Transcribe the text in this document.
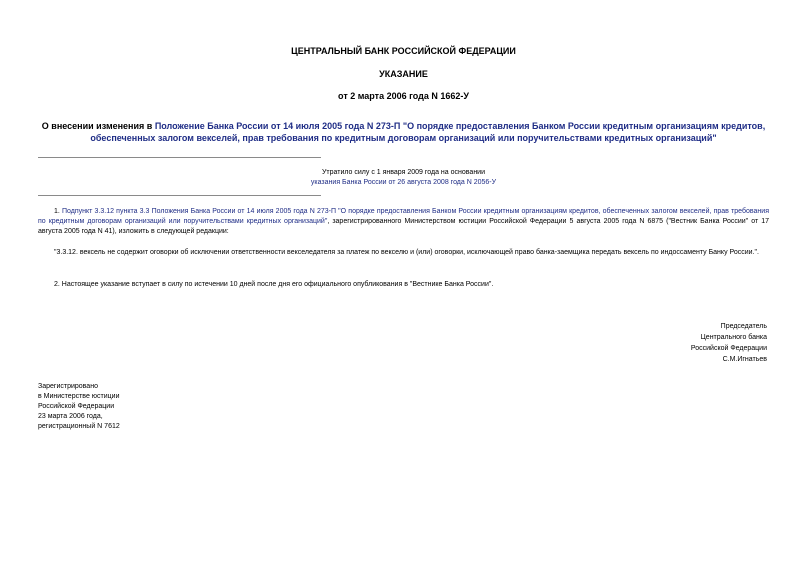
ЦЕНТРАЛЬНЫЙ БАНК РОССИЙСКОЙ ФЕДЕРАЦИИ
УКАЗАНИЕ
от 2 марта 2006 года N 1662-У
О внесении изменения в Положение Банка России от 14 июля 2005 года N 273-П "О порядке предоставления Банком России кредитным организациям кредитов, обеспеченных залогом векселей, прав требования по кредитным договорам организаций или поручительствами кредитных организаций"
Утратило силу с 1 января 2009 года на основании
указания Банка России от 26 августа 2008 года N 2056-У
1. Подпункт 3.3.12 пункта 3.3 Положения Банка России от 14 июля 2005 года N 273-П "О порядке предоставления Банком России кредитным организациям кредитов, обеспеченных залогом векселей, прав требования по кредитным договорам организаций или поручительствами кредитных организаций", зарегистрированного Министерством юстиции Российской Федерации 5 августа 2005 года N 6875 ("Вестник Банка России" от 17 августа 2005 года N 41), изложить в следующей редакции:
"3.3.12. вексель не содержит оговорки об исключении ответственности векселедателя за платеж по векселю и (или) оговорки, исключающей право банка-заемщика передать вексель по индоссаменту Банку России.".
2. Настоящее указание вступает в силу по истечении 10 дней после дня его официального опубликования в "Вестнике Банка России".
Председатель
Центрального банка
Российской Федерации
С.М.Игнатьев
Зарегистрировано
в Министерстве юстиции
Российской Федерации
23 марта 2006 года,
регистрационный N 7612
